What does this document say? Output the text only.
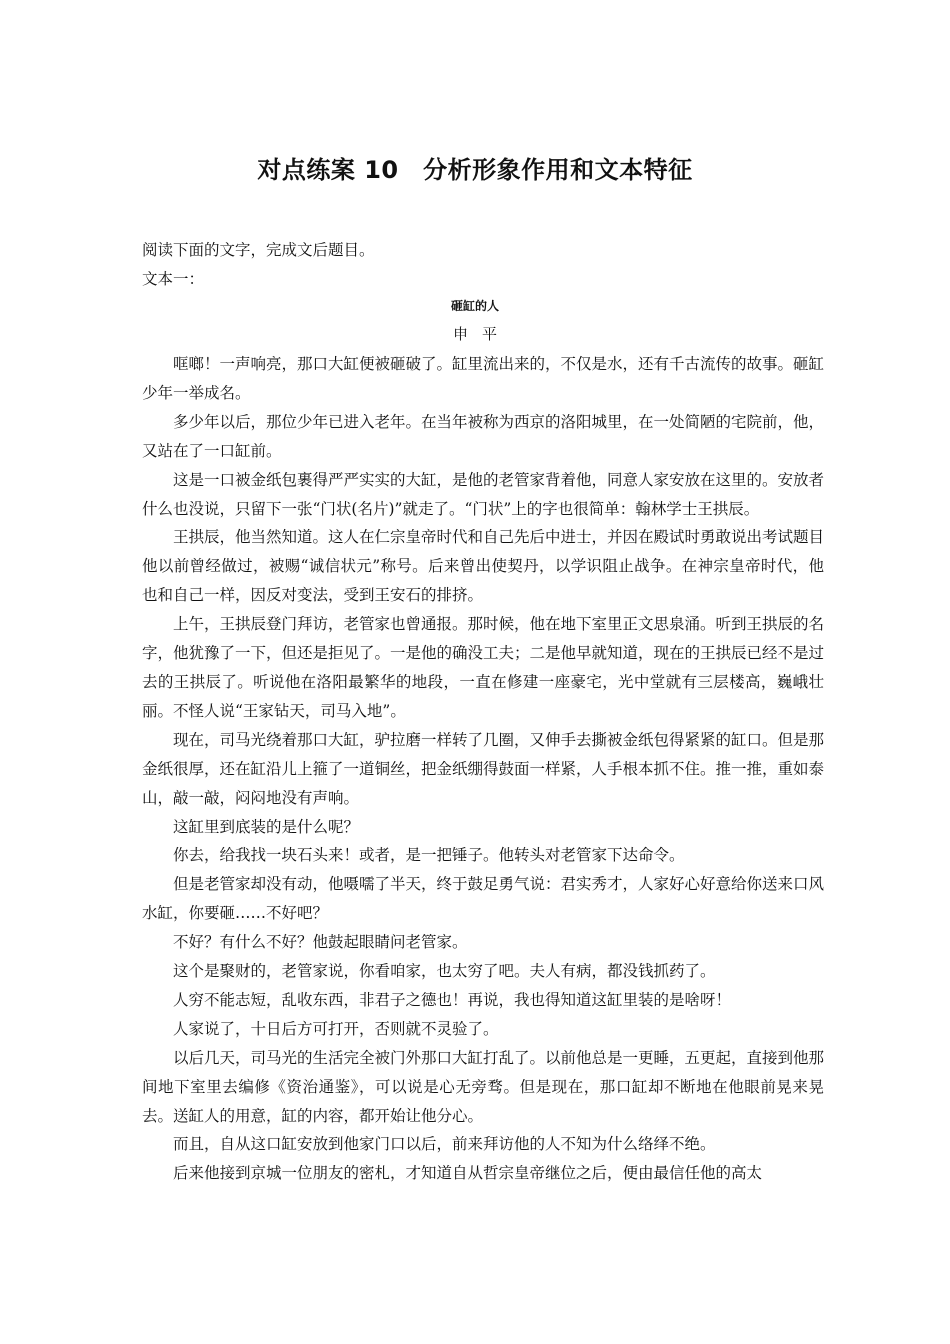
对点练案 10　分析形象作用和文本特征

阅读下面的文字，完成文后题目。

文本一：

砸缸的人
申平

哐啷！一声响亮，那口大缸便被砸破了。缸里流出来的，不仅是水，还有千古流传的故事。砸缸少年一举成名。

多少年以后，那位少年已进入老年。在当年被称为西京的洛阳城里，在一处简陋的宅院前，他，又站在了一口缸前。

这是一口被金纸包裹得严严实实的大缸，是他的老管家背着他，同意人家安放在这里的。安放者什么也没说，只留下一张“门状(名片)”就走了。“门状”上的字也很简单：翰林学士王拱辰。

王拱辰，他当然知道。这人在仁宗皇帝时代和自己先后中进士，并因在殿试时勇敢说出考试题目他以前曾经做过，被赐“诚信状元”称号。后来曾出使契丹，以学识阻止战争。在神宗皇帝时代，他也和自己一样，因反对变法，受到王安石的排挤。

上午，王拱辰登门拜访，老管家也曾通报。那时候，他在地下室里正文思泉涌。听到王拱辰的名字，他犹豫了一下，但还是拒见了。一是他的确没工夫；二是他早就知道，现在的王拱辰已经不是过去的王拱辰了。听说他在洛阳最繁华的地段，一直在修建一座豪宅，光中堂就有三层楼高，巍峨壮丽。不怪人说“王家钻天，司马入地”。

现在，司马光绕着那口大缸，驴拉磨一样转了几圈，又伸手去撕被金纸包得紧紧的缸口。但是那金纸很厚，还在缸沿儿上箍了一道铜丝，把金纸绷得鼓面一样紧，人手根本抓不住。推一推，重如泰山，敲一敲，闷闷地没有声响。

这缸里到底装的是什么呢？

你去，给我找一块石头来！或者，是一把锤子。他转头对老管家下达命令。

但是老管家却没有动，他嗫嚅了半天，终于鼓足勇气说：君实秀才，人家好心好意给你送来口风水缸，你要砸……不好吧？

不好？有什么不好？他鼓起眼睛问老管家。

这个是聚财的，老管家说，你看咱家，也太穷了吧。夫人有病，都没钱抓药了。

人穷不能志短，乱收东西，非君子之德也！再说，我也得知道这缸里装的是啥呀！

人家说了，十日后方可打开，否则就不灵验了。

以后几天，司马光的生活完全被门外那口大缸打乱了。以前他总是一更睡，五更起，直接到他那间地下室里去编修《资治通鉴》，可以说是心无旁骛。但是现在，那口缸却不断地在他眼前晃来晃去。送缸人的用意，缸的内容，都开始让他分心。

而且，自从这口缸安放到他家门口以后，前来拜访他的人不知为什么络绎不绝。

后来他接到京城一位朋友的密札，才知道自从哲宗皇帝继位之后，便由最信任他的高太
